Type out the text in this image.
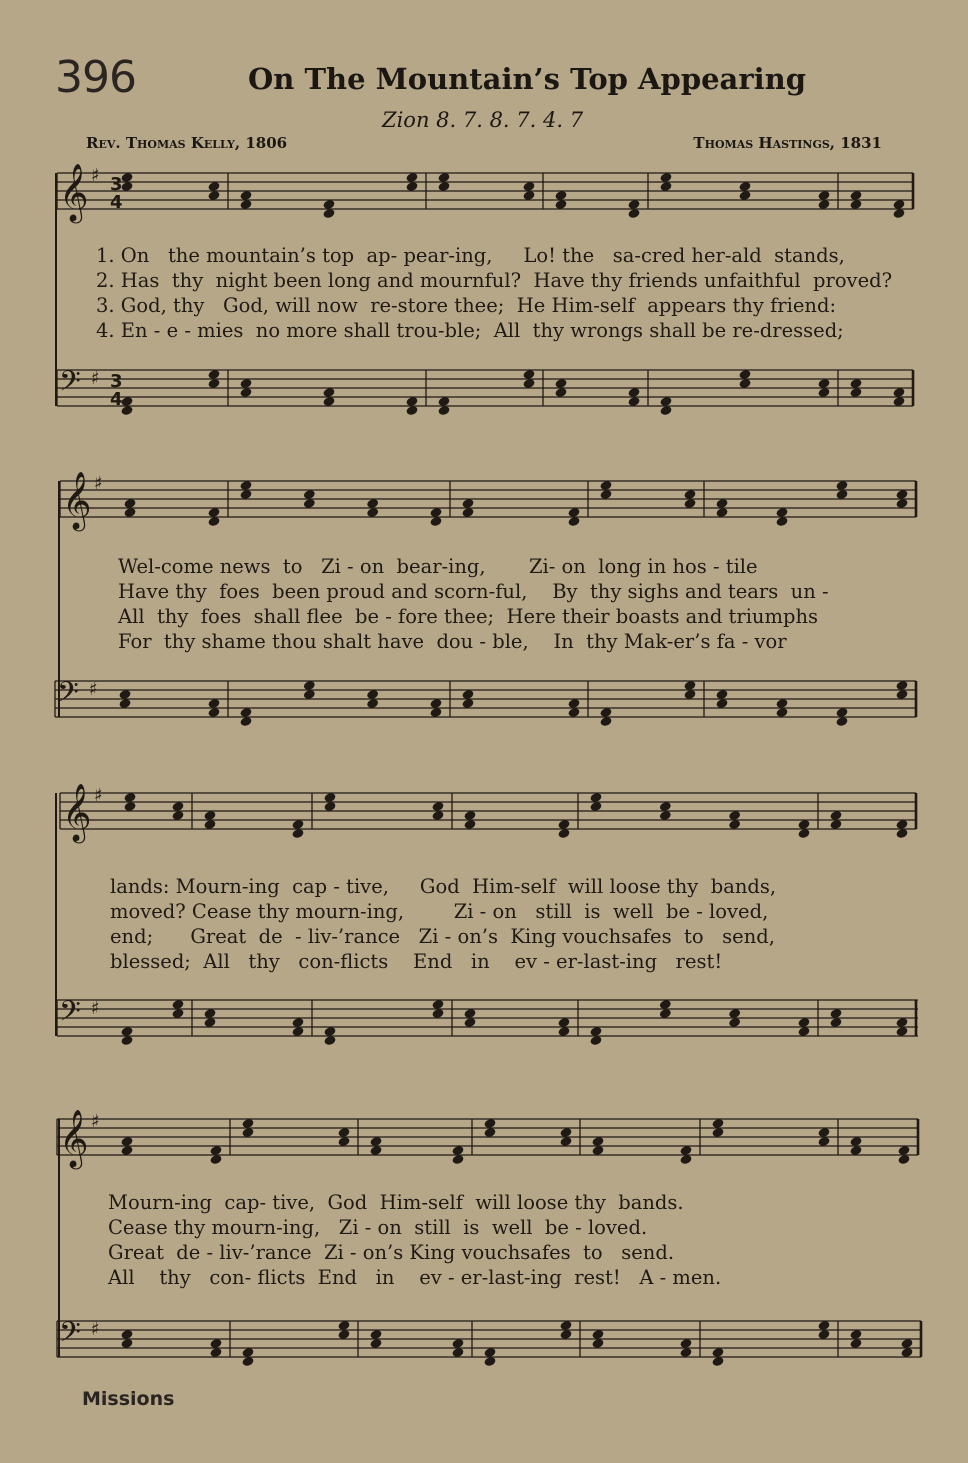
396	On The Mountain’s Top Appearing
Zion 8. 7. 8. 7. 4. 7
Rev. Thomas Kelly, 1806	Thomas Hastings, 1831
𝄞 ♯
𝄢 ♯
𝄞 ♯
𝄢 ♯
𝄞 ♯
𝄢 ♯
𝄞 ♯
𝄢 ♯
3
4
3
4
1. On   the mountain’s top  ap- pear-ing,     Lo! the   sa-cred her-ald  stands,
2. Has  thy  night been long and mournful?  Have thy friends unfaithful  proved?
3. God, thy   God, will now  re-store thee;  He Him-self  appears thy friend:
4. En - e - mies  no more shall trou-ble;  All  thy wrongs shall be re-dressed;
Wel-come news  to   Zi - on  bear-ing,       Zi- on  long in hos - tile
Have thy  foes  been proud and scorn-ful,    By  thy sighs and tears  un -
All  thy  foes  shall flee  be - fore thee;  Here their boasts and triumphs
For  thy shame thou shalt have  dou - ble,    In  thy Mak-er’s fa - vor
lands: Mourn-ing  cap - tive,     God  Him-self  will loose thy  bands,
moved? Cease thy mourn-ing,        Zi - on   still  is  well  be - loved,
end;      Great  de  - liv-’rance   Zi - on’s  King vouchsafes  to   send,
blessed;  All   thy   con-flicts    End   in    ev - er-last-ing   rest!
Mourn-ing  cap- tive,  God  Him-self  will loose thy  bands.
Cease thy mourn-ing,   Zi - on  still  is  well  be - loved.
Great  de - liv-’rance  Zi - on’s King vouchsafes  to   send.
All    thy   con- flicts  End   in    ev - er-last-ing  rest!   A - men.
Missions
